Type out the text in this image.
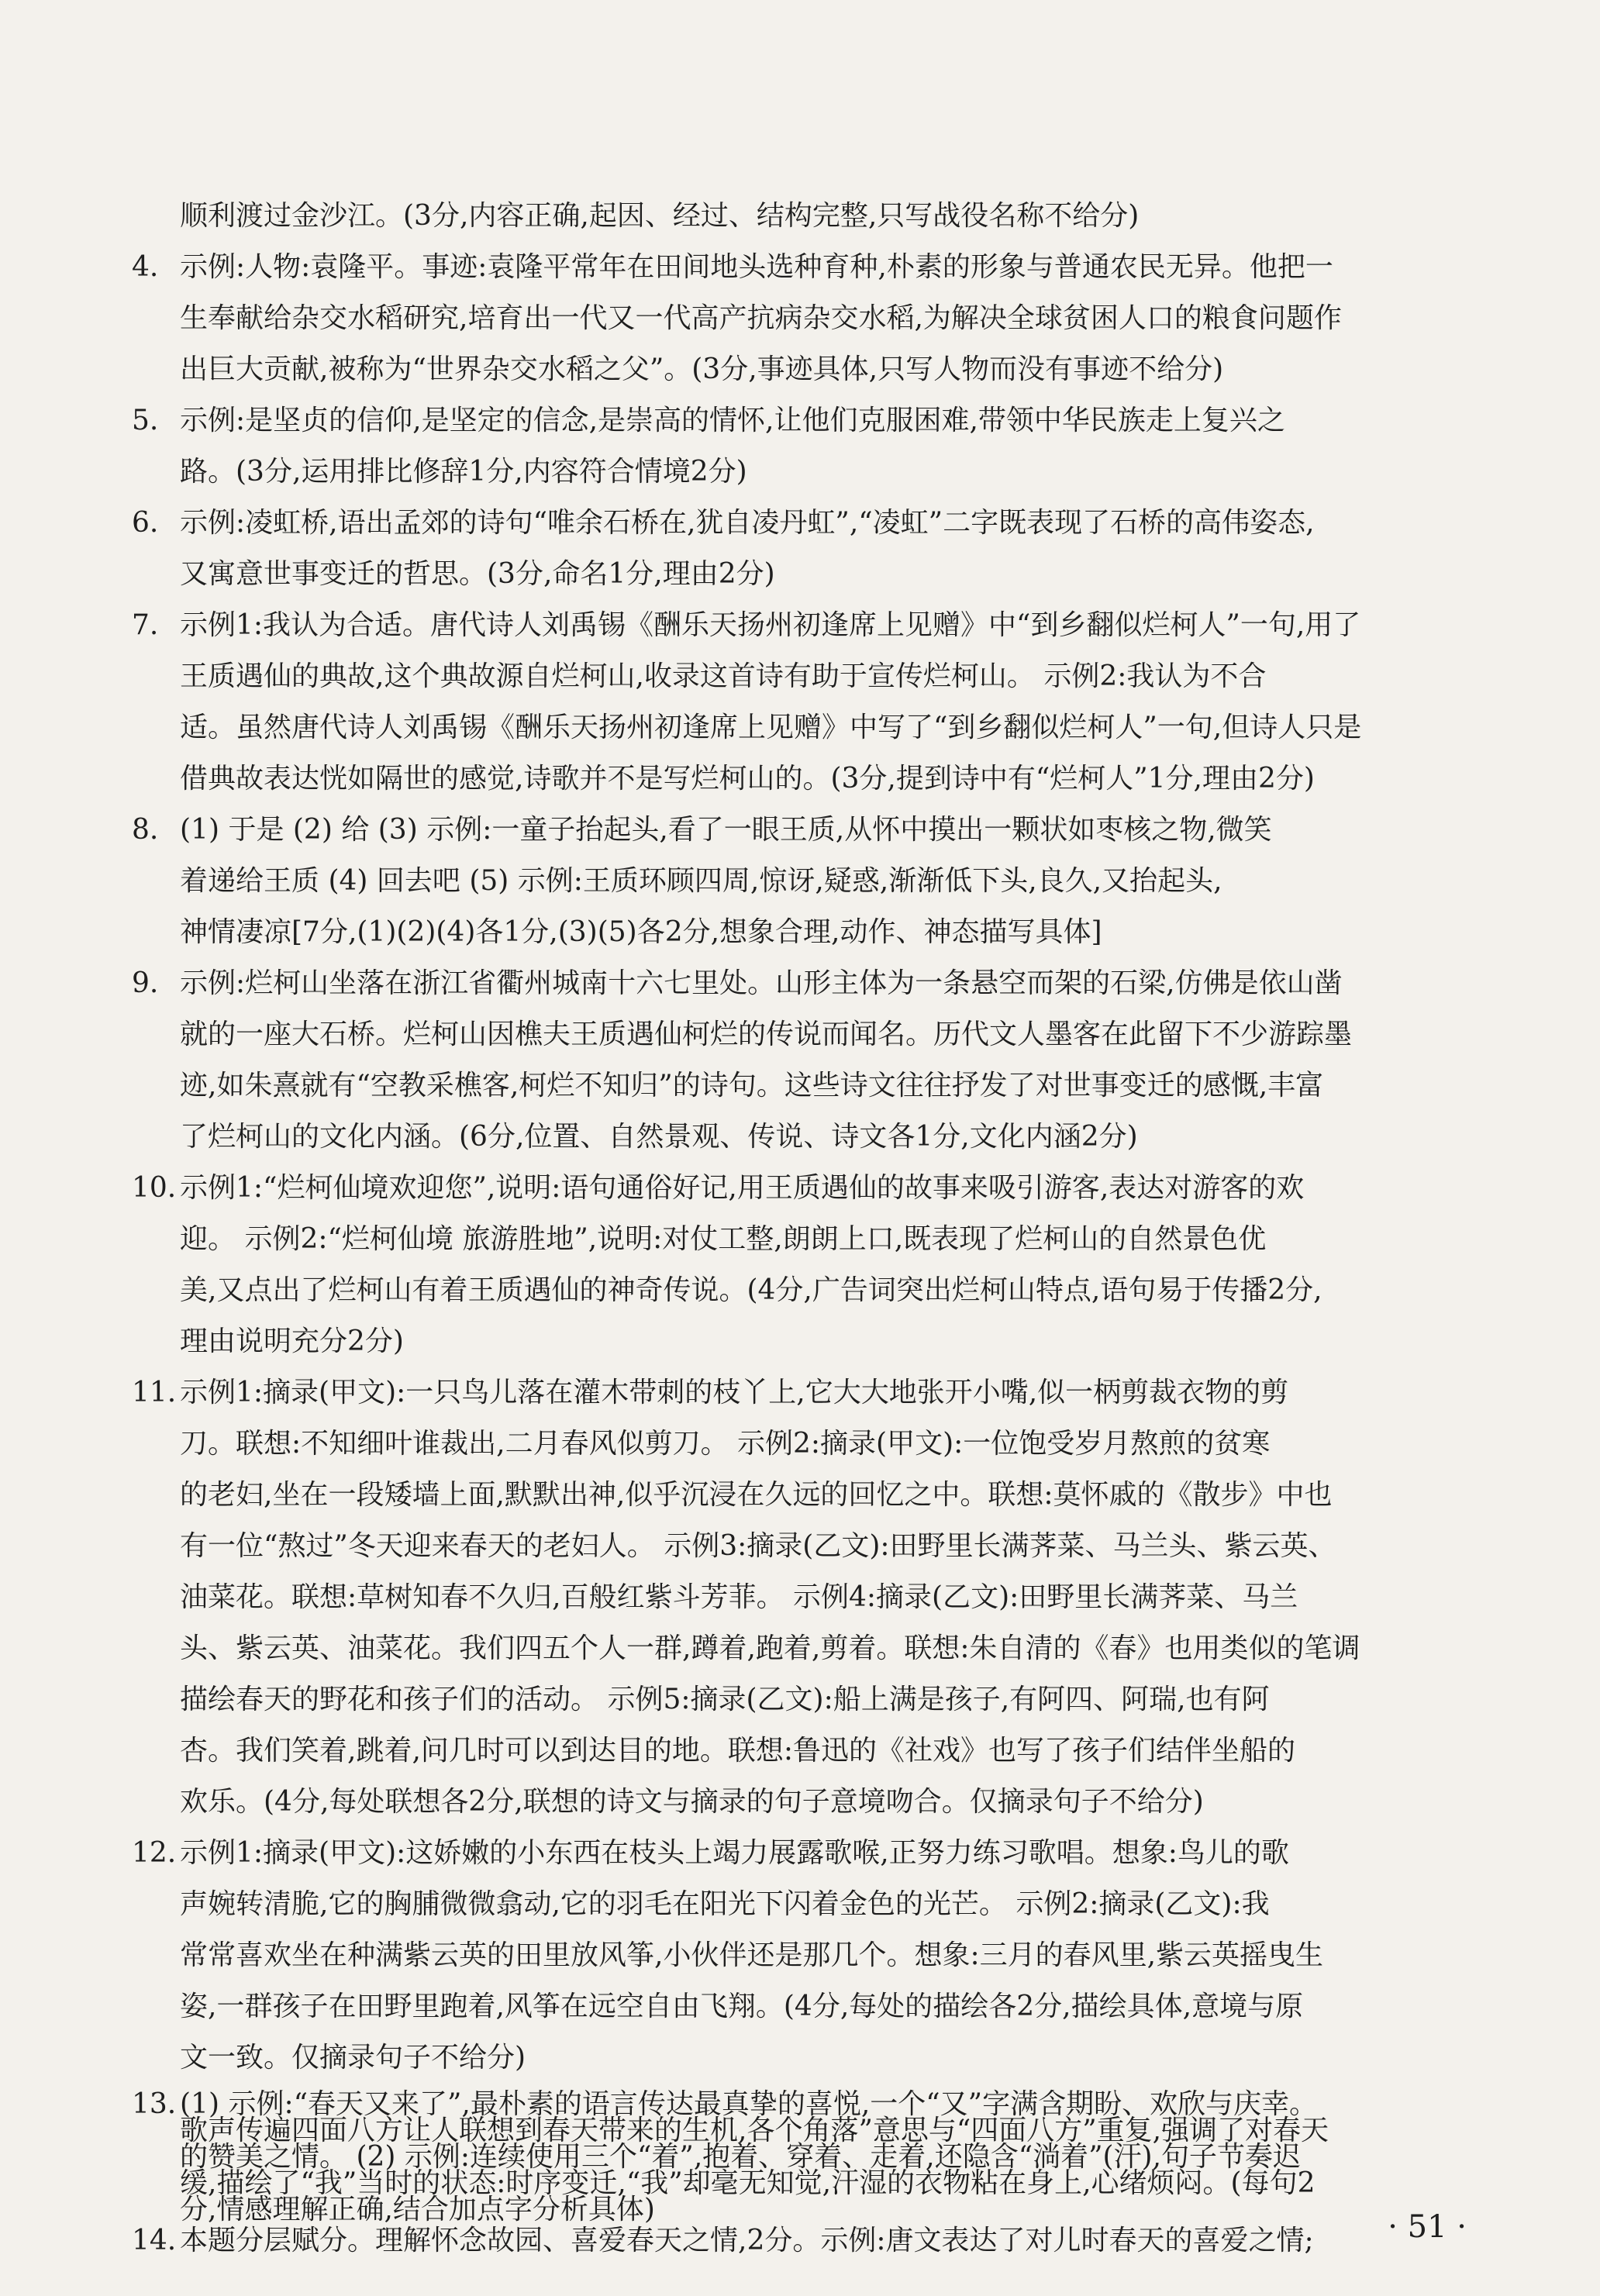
顺利渡过金沙江。(3分,内容正确,起因、经过、结构完整,只写战役名称不给分)
4. 示例:人物:袁隆平。事迹:袁隆平常年在田间地头选种育种,朴素的形象与普通农民无异。他把一
生奉献给杂交水稻研究,培育出一代又一代高产抗病杂交水稻,为解决全球贫困人口的粮食问题作
出巨大贡献,被称为“世界杂交水稻之父”。(3分,事迹具体,只写人物而没有事迹不给分)
5. 示例:是坚贞的信仰,是坚定的信念,是崇高的情怀,让他们克服困难,带领中华民族走上复兴之
路。(3分,运用排比修辞1分,内容符合情境2分)
6. 示例:凌虹桥,语出孟郊的诗句“唯余石桥在,犹自凌丹虹”,“凌虹”二字既表现了石桥的高伟姿态,
又寓意世事变迁的哲思。(3分,命名1分,理由2分)
7. 示例1:我认为合适。唐代诗人刘禹锡《酬乐天扬州初逢席上见赠》中“到乡翻似烂柯人”一句,用了
王质遇仙的典故,这个典故源自烂柯山,收录这首诗有助于宣传烂柯山。 示例2:我认为不合
适。虽然唐代诗人刘禹锡《酬乐天扬州初逢席上见赠》中写了“到乡翻似烂柯人”一句,但诗人只是
借典故表达恍如隔世的感觉,诗歌并不是写烂柯山的。(3分,提到诗中有“烂柯人”1分,理由2分)
8. (1) 于是 (2) 给 (3) 示例:一童子抬起头,看了一眼王质,从怀中摸出一颗状如枣核之物,微笑
着递给王质 (4) 回去吧 (5) 示例:王质环顾四周,惊讶,疑惑,渐渐低下头,良久,又抬起头,
神情凄凉[7分,(1)(2)(4)各1分,(3)(5)各2分,想象合理,动作、神态描写具体]
9. 示例:烂柯山坐落在浙江省衢州城南十六七里处。山形主体为一条悬空而架的石梁,仿佛是依山凿
就的一座大石桥。烂柯山因樵夫王质遇仙柯烂的传说而闻名。历代文人墨客在此留下不少游踪墨
迹,如朱熹就有“空教采樵客,柯烂不知归”的诗句。这些诗文往往抒发了对世事变迁的感慨,丰富
了烂柯山的文化内涵。(6分,位置、自然景观、传说、诗文各1分,文化内涵2分)
10. 示例1:“烂柯仙境欢迎您”,说明:语句通俗好记,用王质遇仙的故事来吸引游客,表达对游客的欢
迎。 示例2:“烂柯仙境 旅游胜地”,说明:对仗工整,朗朗上口,既表现了烂柯山的自然景色优
美,又点出了烂柯山有着王质遇仙的神奇传说。(4分,广告词突出烂柯山特点,语句易于传播2分,
理由说明充分2分)
11. 示例1:摘录(甲文):一只鸟儿落在灌木带刺的枝丫上,它大大地张开小嘴,似一柄剪裁衣物的剪
刀。联想:不知细叶谁裁出,二月春风似剪刀。 示例2:摘录(甲文):一位饱受岁月熬煎的贫寒
的老妇,坐在一段矮墙上面,默默出神,似乎沉浸在久远的回忆之中。联想:莫怀戚的《散步》中也
有一位“熬过”冬天迎来春天的老妇人。 示例3:摘录(乙文):田野里长满荠菜、马兰头、紫云英、
油菜花。联想:草树知春不久归,百般红紫斗芳菲。 示例4:摘录(乙文):田野里长满荠菜、马兰
头、紫云英、油菜花。我们四五个人一群,蹲着,跑着,剪着。联想:朱自清的《春》也用类似的笔调
描绘春天的野花和孩子们的活动。 示例5:摘录(乙文):船上满是孩子,有阿四、阿瑞,也有阿
杏。我们笑着,跳着,问几时可以到达目的地。联想:鲁迅的《社戏》也写了孩子们结伴坐船的
欢乐。(4分,每处联想各2分,联想的诗文与摘录的句子意境吻合。仅摘录句子不给分)
12. 示例1:摘录(甲文):这娇嫩的小东西在枝头上竭力展露歌喉,正努力练习歌唱。想象:鸟儿的歌
声婉转清脆,它的胸脯微微翕动,它的羽毛在阳光下闪着金色的光芒。 示例2:摘录(乙文):我
常常喜欢坐在种满紫云英的田里放风筝,小伙伴还是那几个。想象:三月的春风里,紫云英摇曳生
姿,一群孩子在田野里跑着,风筝在远空自由飞翔。(4分,每处的描绘各2分,描绘具体,意境与原
文一致。仅摘录句子不给分)
13. (1) 示例:“春天又来了”,最朴素的语言传达最真挚的喜悦,一个“又”字满含期盼、欢欣与庆幸。
歌声传遍四面八方让人联想到春天带来的生机,各个角落”意思与“四面八方”重复,强调了对春天
的赞美之情。 (2) 示例:连续使用三个“着”,抱着、穿着、走着,还隐含“淌着”(汗),句子节奏迟
缓,描绘了“我”当时的状态:时序变迁,“我”却毫无知觉,汗湿的衣物粘在身上,心绪烦闷。(每句2
分,情感理解正确,结合加点字分析具体)
14. 本题分层赋分。理解怀念故园、喜爱春天之情,2分。示例:唐文表达了对儿时春天的喜爱之情; · 51 ·
